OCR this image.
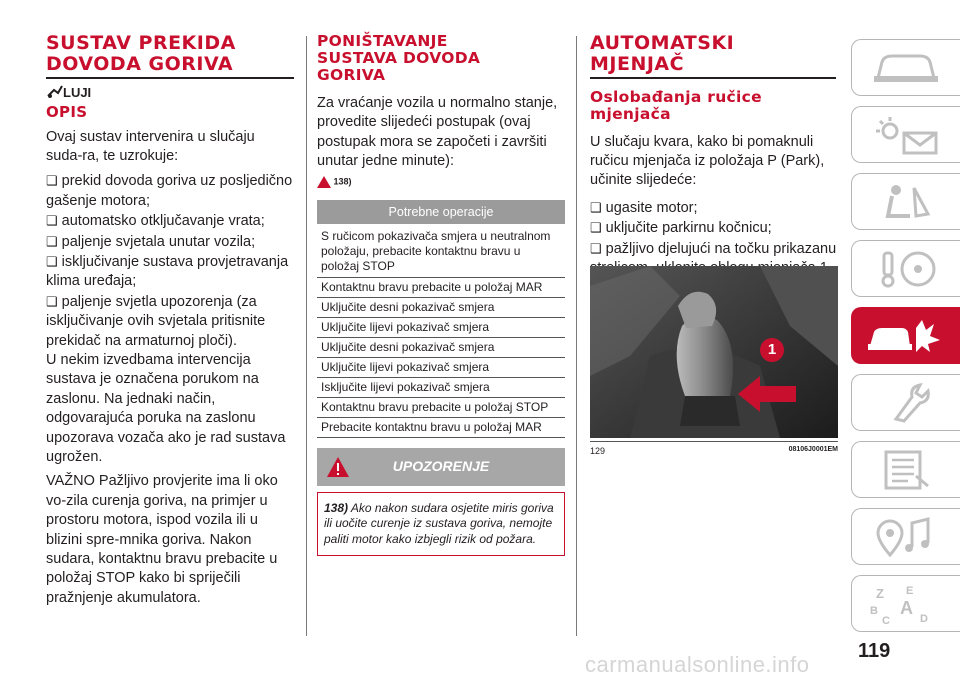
SUSTAV PREKIDA DOVODA GORIVA
LUJI
OPIS

Ovaj sustav intervenira u slučaju suda-ra, te uzrokuje:

❑ prekid dovoda goriva uz posljedično gašenje motora;
❑ automatsko otključavanje vrata;
❑ paljenje svjetala unutar vozila;
❑ isključivanje sustava provjetravanja klima uređaja;
❑ paljenje svjetla upozorenja (za isključivanje ovih svjetala pritisnite prekidač na armaturnoj ploči).

U nekim izvedbama intervencija sustava je označena porukom na zaslonu. Na jednaki način, odgovarajuća poruka na zaslonu upozorava vozača ako je rad sustava ugrožen.

VAŽNO Pažljivo provjerite ima li oko vo-zila curenja goriva, na primjer u prostoru motora, ispod vozila ili u blizini spre-mnika goriva. Nakon sudara, kontaktnu bravu prebacite u položaj STOP kako bi spriječili pražnjenje akumulatora.

PONIŠTAVANJE SUSTAVA DOVODA GORIVA

Za vraćanje vozila u normalno stanje, provedite slijedeći postupak (ovaj postupak mora se započeti i završiti unutar jedne minute):

138)
Potrebne operacije
S ručicom pokazivača smjera u neutralnom položaju, prebacite kontaktnu bravu u položaj STOP
Kontaktnu bravu prebacite u položaj MAR
Uključite desni pokazivač smjera
Uključite lijevi pokazivač smjera
Uključite desni pokazivač smjera
Uključite lijevi pokazivač smjera
Isključite lijevi pokazivač smjera
Kontaktnu bravu prebacite u položaj STOP
Prebacite kontaktnu bravu u položaj MAR
UPOZORENJE
138) Ako nakon sudara osjetite miris goriva ili uočite curenje iz sustava goriva, nemojte paliti motor kako izbjegli rizik od požara.
AUTOMATSKI MJENJAČ
Oslobađanja ručice mjenjača

U slučaju kvara, kako bi pomaknuli ručicu mjenjača iz položaja P (Park), učinite slijedeće:

❑ ugasite motor;
❑ uključite parkirnu kočnicu;
❑ pažljivo djelujući na točku prikazanu
1
129	08106J0001EM
Z E
B A
C	D
119
carmanualsonline.info
